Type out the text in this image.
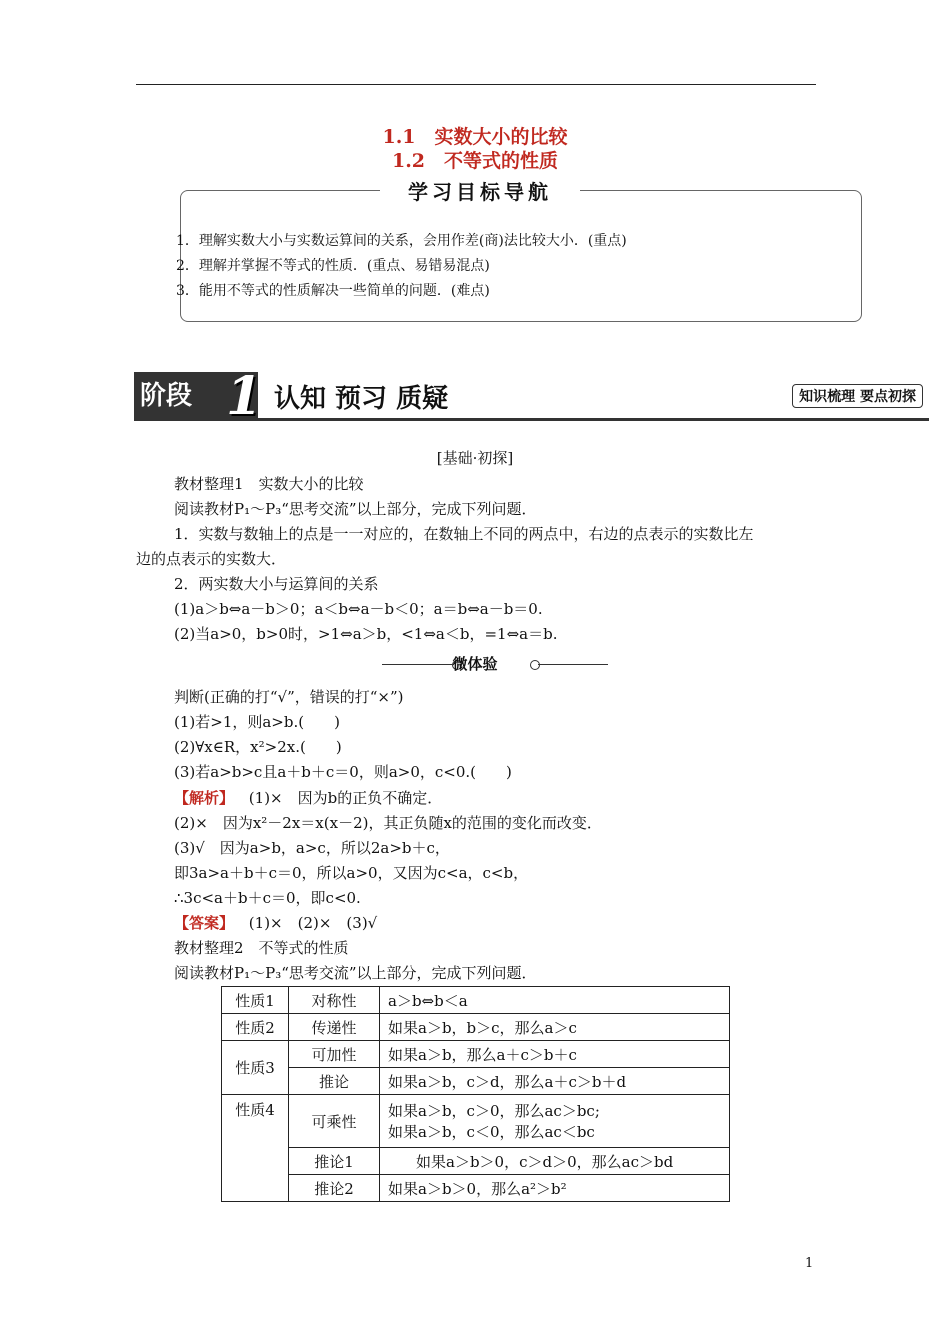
1.1　实数大小的比较
1.2　不等式的性质
学习目标导航
1．理解实数大小与实数运算间的关系，会用作差(商)法比较大小．(重点)
2．理解并掌握不等式的性质．(重点、易错易混点)
3．能用不等式的性质解决一些简单的问题．(难点)
阶段 1 认知 预习 质疑	知识梳理 要点初探
[基础·初探]
教材整理1　实数大小的比较
阅读教材P₁～P₃“思考交流”以上部分，完成下列问题．
1．实数与数轴上的点是一一对应的，在数轴上不同的两点中，右边的点表示的实数比左
边的点表示的实数大．
2．两实数大小与运算间的关系
(1)a＞b⇔a－b＞0；a＜b⇔a－b＜0；a＝b⇔a－b＝0.
(2)当a>0，b>0时，>1⇔a＞b，<1⇔a＜b，=1⇔a＝b.
微体验
判断(正确的打“√”，错误的打“×”)
(1)若>1，则a>b.(　　)
(2)∀x∈R，x²>2x.(　　)
(3)若a>b>c且a＋b＋c＝0，则a>0，c<0.(　　)
【解析】 (1)×　因为b的正负不确定．
(2)×　因为x²－2x＝x(x－2)，其正负随x的范围的变化而改变．
(3)√　因为a>b，a>c，所以2a>b＋c，
即3a>a＋b＋c＝0，所以a>0，又因为c<a，c<b，
∴3c<a＋b＋c＝0，即c<0.
【答案】 (1)×　(2)×　(3)√
教材整理2　不等式的性质
阅读教材P₁～P₃“思考交流”以上部分，完成下列问题．
性质1	对称性	a＞b⇔b＜a
性质2	传递性	如果a＞b，b＞c，那么a＞c
性质3	可加性	如果a＞b，那么a＋c＞b＋c
	推论	如果a＞b，c＞d，那么a＋c＞b＋d
性质4	可乘性	如果a＞b，c＞0，那么ac＞bc;
如果a＞b，c＜0，那么ac＜bc

	推论1	如果a＞b＞0，c＞d＞0，那么ac＞bd
	推论2	如果a＞b＞0，那么a²＞b²
1
